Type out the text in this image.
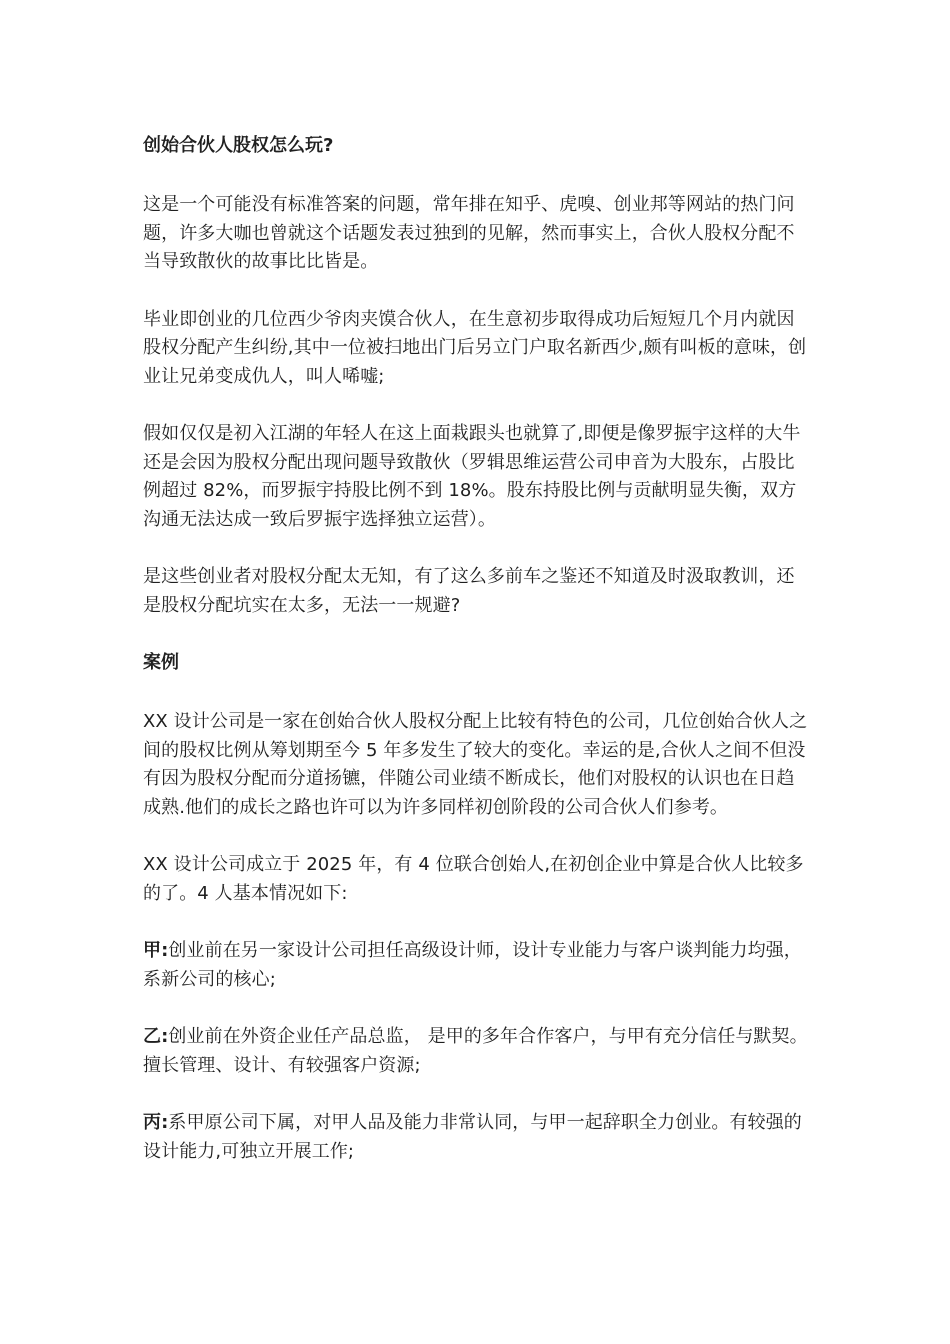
创始合伙人股权怎么玩?

这是一个可能没有标准答案的问题，常年排在知乎、虎嗅、创业邦等网站的热门问题，许多大咖也曾就这个话题发表过独到的见解，然而事实上，合伙人股权分配不当导致散伙的故事比比皆是。

毕业即创业的几位西少爷肉夹馍合伙人，在生意初步取得成功后短短几个月内就因股权分配产生纠纷,其中一位被扫地出门后另立门户取名新西少,颇有叫板的意味，创业让兄弟变成仇人，叫人唏嘘;

假如仅仅是初入江湖的年轻人在这上面栽跟头也就算了,即便是像罗振宇这样的大牛还是会因为股权分配出现问题导致散伙（罗辑思维运营公司申音为大股东，占股比例超过 82%，而罗振宇持股比例不到 18%。股东持股比例与贡献明显失衡，双方沟通无法达成一致后罗振宇选择独立运营）。

是这些创业者对股权分配太无知，有了这么多前车之鉴还不知道及时汲取教训，还是股权分配坑实在太多，无法一一规避?

案例

XX 设计公司是一家在创始合伙人股权分配上比较有特色的公司，几位创始合伙人之间的股权比例从筹划期至今 5 年多发生了较大的变化。幸运的是,合伙人之间不但没有因为股权分配而分道扬镳，伴随公司业绩不断成长，他们对股权的认识也在日趋成熟.他们的成长之路也许可以为许多同样初创阶段的公司合伙人们参考。

XX 设计公司成立于 2025 年，有 4 位联合创始人,在初创企业中算是合伙人比较多的了。4 人基本情况如下:

甲:创业前在另一家设计公司担任高级设计师，设计专业能力与客户谈判能力均强，系新公司的核心;

乙:创业前在外资企业任产品总监， 是甲的多年合作客户，与甲有充分信任与默契。擅长管理、设计、有较强客户资源;

丙:系甲原公司下属，对甲人品及能力非常认同，与甲一起辞职全力创业。有较强的设计能力,可独立开展工作;
